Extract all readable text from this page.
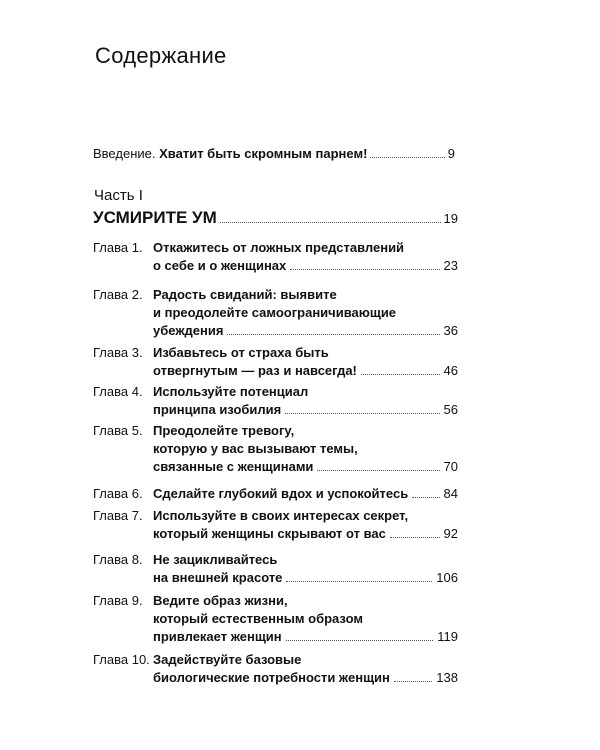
Содержание
Введение.
Хватит быть скромным парнем!	9
Часть I
УСМИРИТЕ УМ	19
Глава 1. Откажитесь от ложных представлений
о себе и о женщинах	23
Глава 2. Радость свиданий: выявите
и преодолейте самоограничивающие
убеждения	36
Глава 3. Избавьтесь от страха быть
отвергнутым — раз и навсегда!	46
Глава 4. Используйте потенциал
принципа изобилия	56
Глава 5. Преодолейте тревогу,
которую у вас вызывают темы,
связанные с женщинами	70
Глава 6. Сделайте глубокий вдох и успокойтесь	84
Глава 7. Используйте в своих интересах секрет,
который женщины скрывают от вас	92
Глава 8. Не зацикливайтесь
на внешней красоте	106
Глава 9. Ведите образ жизни,
который естественным образом
привлекает женщин	119
Глава 10. Задействуйте базовые
биологические потребности женщин	138
